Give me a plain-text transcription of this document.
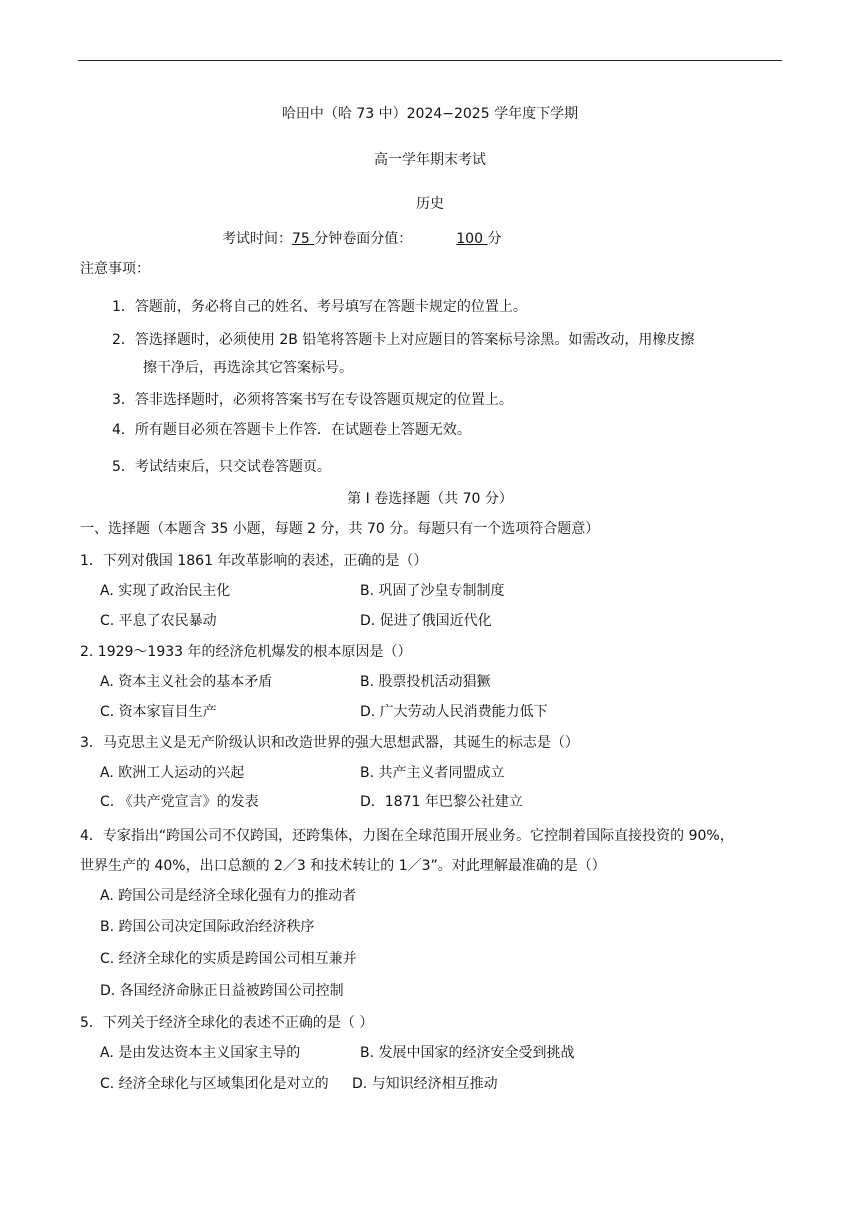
哈田中（哈 73 中）2024−2025 学年度下学期
高一学年期末考试
历史
考试时间：75 分钟卷面分值：	100 分
注意事项：
1．答题前，务必将自己的姓名、考号填写在答题卡规定的位置上。
2．答选择题时，必须使用 2B 铅笔将答题卡上对应题目的答案标号涂黑。如需改动，用橡皮擦
擦干净后，再选涂其它答案标号。
3．答非选择题时，必须将答案书写在专设答题页规定的位置上。
4．所有题目必须在答题卡上作答．在试题卷上答题无效。
5．考试结束后，只交试卷答题页。
第 I 卷选择题（共 70 分）
一、选择题（本题含 35 小题，每题 2 分，共 70 分。每题只有一个选项符合题意）
1．下列对俄国 1861 年改革影响的表述，正确的是（）
A. 实现了政治民主化	B. 巩固了沙皇专制制度
C. 平息了农民暴动	D. 促进了俄国近代化
2. 1929～1933 年的经济危机爆发的根本原因是（）
A. 资本主义社会的基本矛盾	B. 股票投机活动猖獗
C. 资本家盲目生产	D. 广大劳动人民消费能力低下
3．马克思主义是无产阶级认识和改造世界的强大思想武器，其诞生的标志是（）
A. 欧洲工人运动的兴起	B. 共产主义者同盟成立
C. 《共产党宣言》的发表	D．1871 年巴黎公社建立
4．专家指出“跨国公司不仅跨国，还跨集体，力图在全球范围开展业务。它控制着国际直接投资的 90%，
世界生产的 40%，出口总额的 2／3 和技术转让的 1／3”。对此理解最准确的是（）
A. 跨国公司是经济全球化强有力的推动者
B. 跨国公司决定国际政治经济秩序
C. 经济全球化的实质是跨国公司相互兼并
D. 各国经济命脉正日益被跨国公司控制
5．下列关于经济全球化的表述不正确的是（ ）
A. 是由发达资本主义国家主导的	B. 发展中国家的经济安全受到挑战
C. 经济全球化与区域集团化是对立的 D. 与知识经济相互推动
